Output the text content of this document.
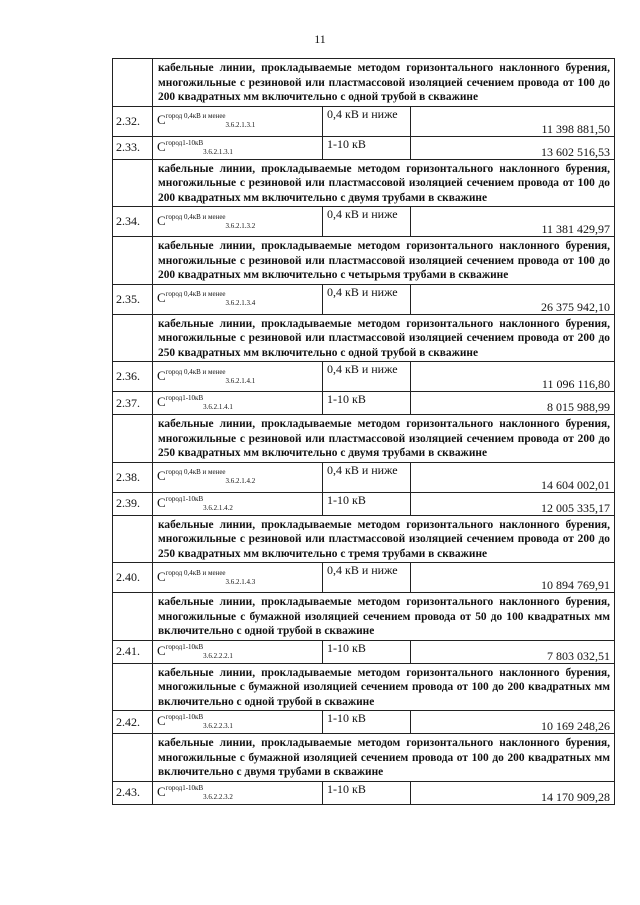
11
	кабельные линии, прокладываемые методом горизонтального наклонного бурения, многожильные с резиновой или пластмассовой изоляцией сечением провода от 100 до 200 квадратных мм включительно с одной трубой в скважине		
2.32.	$C^{город 0,4кВ и менее}_{3.6.2.1.3.1}$	0,4 кВ и ниже	11 398 881,50
2.33.	$C^{город1-10кВ}_{3.6.2.1.3.1}$	1-10 кВ	13 602 516,53
	кабельные линии, прокладываемые методом горизонтального наклонного бурения, многожильные с резиновой или пластмассовой изоляцией сечением провода от 100 до 200 квадратных мм включительно с двумя трубами в скважине		
2.34.	$C^{город 0,4кВ и менее}_{3.6.2.1.3.2}$	0,4 кВ и ниже	11 381 429,97
	кабельные линии, прокладываемые методом горизонтального наклонного бурения, многожильные с резиновой или пластмассовой изоляцией сечением провода от 100 до 200 квадратных мм включительно с четырьмя трубами в скважине		
2.35.	$C^{город 0,4кВ и менее}_{3.6.2.1.3.4}$	0,4 кВ и ниже	26 375 942,10
	кабельные линии, прокладываемые методом горизонтального наклонного бурения, многожильные с резиновой или пластмассовой изоляцией сечением провода от 200 до 250 квадратных мм включительно с одной трубой в скважине		
2.36.	$C^{город 0,4кВ и менее}_{3.6.2.1.4.1}$	0,4 кВ и ниже	11 096 116,80
2.37.	$C^{город1-10кВ}_{3.6.2.1.4.1}$	1-10 кВ	8 015 988,99
	кабельные линии, прокладываемые методом горизонтального наклонного бурения, многожильные с резиновой или пластмассовой изоляцией сечением провода от 200 до 250 квадратных мм включительно с двумя трубами в скважине		
2.38.	$C^{город 0,4кВ и менее}_{3.6.2.1.4.2}$	0,4 кВ и ниже	14 604 002,01
2.39.	$C^{город1-10кВ}_{3.6.2.1.4.2}$	1-10 кВ	12 005 335,17
	кабельные линии, прокладываемые методом горизонтального наклонного бурения, многожильные с резиновой или пластмассовой изоляцией сечением провода от 200 до 250 квадратных мм включительно с тремя трубами в скважине		
2.40.	$C^{город 0,4кВ и менее}_{3.6.2.1.4.3}$	0,4 кВ и ниже	10 894 769,91
	кабельные линии, прокладываемые методом горизонтального наклонного бурения, многожильные с бумажной изоляцией сечением провода от 50 до 100 квадратных мм включительно с одной трубой в скважине		
2.41.	$C^{город1-10кВ}_{3.6.2.2.2.1}$	1-10 кВ	7 803 032,51
	кабельные линии, прокладываемые методом горизонтального наклонного бурения, многожильные с бумажной изоляцией сечением провода от 100 до 200 квадратных мм включительно с одной трубой в скважине		
2.42.	$C^{город1-10кВ}_{3.6.2.2.3.1}$	1-10 кВ	10 169 248,26
	кабельные линии, прокладываемые методом горизонтального наклонного бурения, многожильные с бумажной изоляцией сечением провода от 100 до 200 квадратных мм включительно с двумя трубами в скважине		
2.43.	$C^{город1-10кВ}_{3.6.2.2.3.2}$	1-10 кВ	14 170 909,28
